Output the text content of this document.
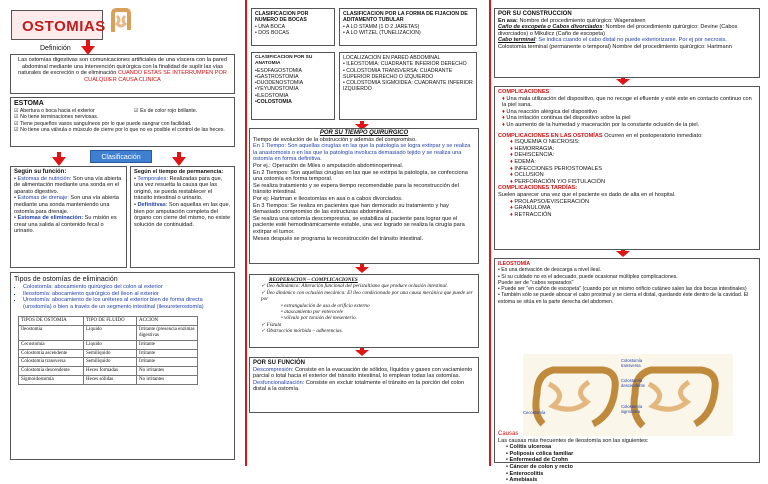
OSTOMIAS
Definición
Las ostomías digestivas son comunicaciones artificiales de una víscera con la pared abdominal mediante una intervención quirúrgica con la finalidad de suplir las vías naturales de excreción o de eliminación CUANDO ESTAS SE INTERRUMPEN POR CUALQUIER CAUSA CLINICA
ESTOMA
☑ Abertura o boca hacia el exterior	☑ Es de color rojo brillante.
☑ No tiene terminaciones nerviosas.
☑ Tiene pequeños vasos sanguíneos por lo que puede sangrar con facilidad.
☑ No tiene una válvula o músculo de cierre por lo que no es posible el control de las heces.
Clasificación
Según su función:
• Estomas de nutrición: Son una vía abierta de alimentación mediante una sonda en el aparato digestivo.
• Estomas de drenaje: Son una vía abierta mediante una sonda manteniendo una ostomía para drenaje.
• Estomas de eliminación: Su misión es crear una salida al contenido fecal o urinario.
Según el tiempo de permanencia:
• Temporales: Realizadas para que, una vez resuelta la causa que las originó, se pueda restablecer el tránsito intestinal o urinario.
• Definitivas: Son aquellas en las que, bien por amputación completa del órgano con cierre del mismo, no existe solución de continuidad.
Tipos de ostomías de eliminación
▪ Colostomía: abocamiento quirúrgico del colon al exterior
▪ Ileostomía: abocamiento quirúrgico del íleon al exterior
▪ Urostomía: abocamiento de los uréteres al exterior bien de forma directa (urostomía) o bien a través de un segmento intestinal (ileoureterostomía)
TIPOS DE OSTOMIA	TIPO DE FLUIDO	ACCION
Ileostomía	Líquido	Irritante (presencia enzimas digestivas
Cecostomía	Líquido	Irritante
Colostomía ascendente	Semilíquido	Irritante
Colostomía transversa	Semilíquido	Irritante
Colostomía descendente	Heces formadas	No irritantes
Sigmoidostomía	Heces sólidas	No irritantes
CLASIFICACION POR NUMERO DE BOCAS
• UNA BOCA
• DOS BOCAS
CLASIFICACION POR LA FORMA DE FIJACION DE ADITAMENTO TUBULAR
• A LO STAMM (1 O 2 JARETAS)
• A LO WITZEL (TUNELIZACION)
CLASIFICACION POR SU ANATOMIA
•ESOFAGOSTOMIA
•GASTROSTOMIA
•DUODENOSTOMIA
•YEYUNOSTOMIA
•ILEOSTOMIA
•COLOSTOMIA
LOCALIZACION EN PARED ABDOMINAL
• ILEOSTOMIA: CUADRANTE INFERIOR DERECHO
• COLOSTOMIA TRANSVERSA: CUADRANTE SUPERIOR DERECHO O IZQUIERDO
• COLOSTOMIA SIGMOIDEA: CUADRANTE INFERIOR IZQUIERDO
POR SU TIEMPO QUIRURGICO
Tiempo de evolución de la obstrucción y además del compromiso.
En 1 Tiempo: Son aquellas cirugías en las que la patología se logra extirpar y se realiza la anastomosis o en las que la patología involucra demasiado tejido y se realiza una ostomía en forma definitiva.
Por ej.: Operación de Miles o amputación abdominoperineal.
En 2 Tiempos: Son aquellas cirugías en las que se extirpa la patología, se confecciona una ostomía en forma temporal.
Se realiza tratamiento y se espera tiempo recomendable para la reconstrucción del tránsito intestinal.
Por ej: Hartman e Ileostomías en asa o a cabos divorciados.
En 3 Tiempos: Se realiza en pacientes que han demorado su tratamiento y hay demasiado compromiso de las estructuras abdominales.
Se realiza una ostomía descompresiva, se estabiliza al paciente para lograr que el paciente esté hemodinámicamente estable, una vez logrado se realiza la cirugía para extirpar el tumor.
Meses después se programa la reconstrucción del tránsito intestinal.
REOPERACION – COMPLICACIONES
✓ Íleo Adinámico: Alteración funcional del peristaltismo que produce oclusión intestinal.
✓ Íleo dinámico con oclusión mecánica: El íleo condicionado por una causa mecánica que puede ser por
• estrangulación de asa de orificio externo
• atascamiento por enterocele
• vólvulo por torsión del mesenterio.
✓ Fístula
✓ Obstrucción mórbida – adherencias.
POR SU FUNCIÓN
Descompresión: Consiste en la evacuación de sólidos, líquidos y gases con vaciamiento parcial o total hacia el exterior del tránsito intestinal, lo emplean todas las ostomías.
Desfuncionalización: Consiste en excluir totalmente el tránsito en la porción del colon distal a la ostomía.
POR SU CONSTRUCCION
En asa: Nombre del procedimiento quirúrgico: Wagensteen
Caño de escopeta o Cabos divorciados: Nombre del procedimiento quirúrgico: Devine (Cabos divorciados) o Mikulicz (Caño de escopeta)
Cabo terminal: Se indica cuando el cabo distal no puede exteriorizarse. Por ej por necrosis.
Colostomía terminal (permanente o temporal) Nombre del procedimiento quirúrgico: Hartmann
COMPLICACIONES
♦ Una mala utilización del dispositivo, que no recoge el efluente y esté este en contacto continuo con la piel sana.
♦ Una reacción alérgica del dispositivo
♦ Una irritación continua del dispositivo sobre la piel
♦ Un aumento de la humedad y maceración por la constante oclusión de la piel.
COMPLICACIONES EN LAS OSTOMÍAS Ocurren en el postoperatorio inmediato:
♦ ISQUEMIA O NECROSIS:
♦ HEMORRAGIA:
♦ DEHISCENCIA:
♦ EDEMA:
♦ INFECCIONES PERIOSTOMALES
♦ OCLUSION
♦ PERFORACIÓN Y/O FISTULACIÓN
COMPLICACIONES TARDÍAS:
Suelen aparecer una vez que el paciente es dado de alta en el hospital.
♦ PROLAPSO/EVISCERACIÓN
♦ GRANULOMA
♦ RETRACCIÓN
ILEOSTOMÍA
• Es una derivación de descarga a nivel ileal.
• Si su cuidado no es el adecuado, puede ocasionar múltiples complicaciones.
Puede ser de "cabos separados"
• Puede ser "en cañón de escopeta" (cuando por un mismo orificio cutáneo salen las dos bocas intestinales)
• También sólo se puede abocar el cabo proximal y se cierra el distal, quedando éste dentro de la cavidad. El estoma se sitúa en la parte derecha del abdomen.
Colostomía transversa
Colostomía descendente
Cecostomía
Colostomía sigmoidea
Causas
Las causas más frecuentes de ileostomía son las siguientes:
• Colitis ulcerosa
• Poliposis cólica familiar
• Enfermedad de Crohn
• Cáncer de colon y recto
• Enterocolitis
• Amebiasis
